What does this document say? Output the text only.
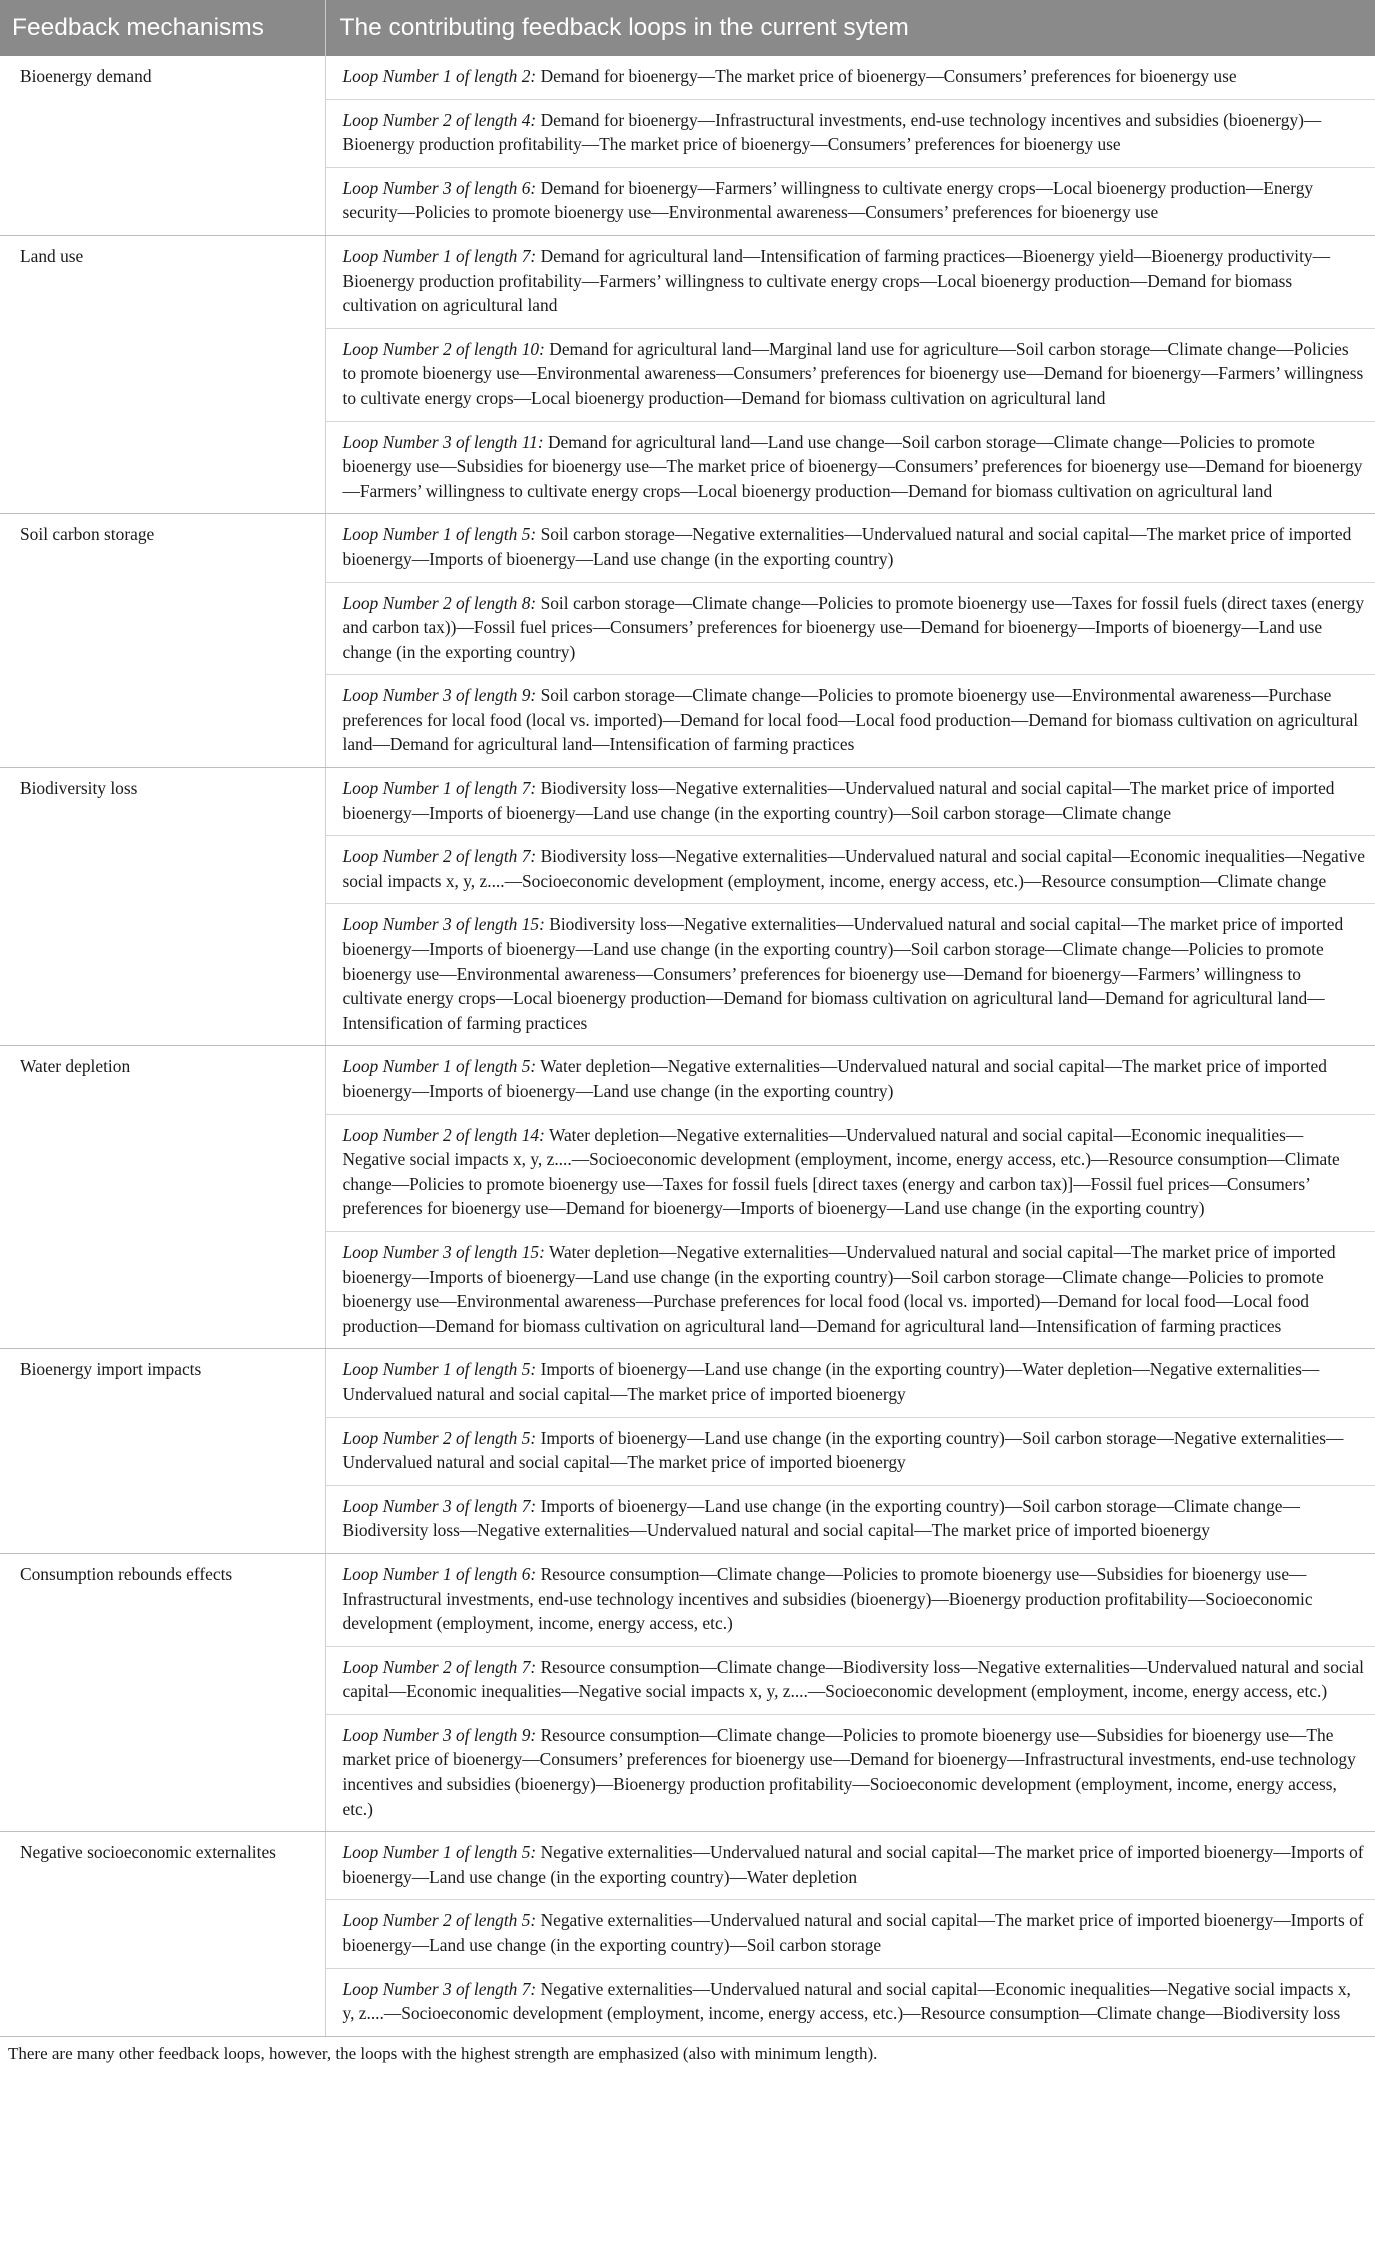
Feedback mechanisms	The contributing feedback loops in the current sytem
Bioenergy demand	Loop Number 1 of length 2: Demand for bioenergy—The market price of bioenergy—Consumers’ preferences for bioenergy use
Loop Number 2 of length 4: Demand for bioenergy—Infrastructural investments, end-use technology incentives and subsidies (bioenergy)—Bioenergy production profitability—The market price of bioenergy—Consumers’ preferences for bioenergy use
Loop Number 3 of length 6: Demand for bioenergy—Farmers’ willingness to cultivate energy crops—Local bioenergy production—Energy security—Policies to promote bioenergy use—Environmental awareness—Consumers’ preferences for bioenergy use

Land use	Loop Number 1 of length 7: Demand for agricultural land—Intensification of farming practices—Bioenergy yield—Bioenergy productivity—Bioenergy production profitability—Farmers’ willingness to cultivate energy crops—Local bioenergy production—Demand for biomass cultivation on agricultural land
Loop Number 2 of length 10: Demand for agricultural land—Marginal land use for agriculture—Soil carbon storage—Climate change—Policies to promote bioenergy use—Environmental awareness—Consumers’ preferences for bioenergy use—Demand for bioenergy—Farmers’ willingness to cultivate energy crops—Local bioenergy production—Demand for biomass cultivation on agricultural land
Loop Number 3 of length 11: Demand for agricultural land—Land use change—Soil carbon storage—Climate change—Policies to promote bioenergy use—Subsidies for bioenergy use—The market price of bioenergy—Consumers’ preferences for bioenergy use—Demand for bioenergy—Farmers’ willingness to cultivate energy crops—Local bioenergy production—Demand for biomass cultivation on agricultural land

Soil carbon storage	Loop Number 1 of length 5: Soil carbon storage—Negative externalities—Undervalued natural and social capital—The market price of imported bioenergy—Imports of bioenergy—Land use change (in the exporting country)
Loop Number 2 of length 8: Soil carbon storage—Climate change—Policies to promote bioenergy use—Taxes for fossil fuels (direct taxes (energy and carbon tax))—Fossil fuel prices—Consumers’ preferences for bioenergy use—Demand for bioenergy—Imports of bioenergy—Land use change (in the exporting country)
Loop Number 3 of length 9: Soil carbon storage—Climate change—Policies to promote bioenergy use—Environmental awareness—Purchase preferences for local food (local vs. imported)—Demand for local food—Local food production—Demand for biomass cultivation on agricultural land—Demand for agricultural land—Intensification of farming practices

Biodiversity loss	Loop Number 1 of length 7: Biodiversity loss—Negative externalities—Undervalued natural and social capital—The market price of imported bioenergy—Imports of bioenergy—Land use change (in the exporting country)—Soil carbon storage—Climate change
Loop Number 2 of length 7: Biodiversity loss—Negative externalities—Undervalued natural and social capital—Economic inequalities—Negative social impacts x, y, z....—Socioeconomic development (employment, income, energy access, etc.)—Resource consumption—Climate change
Loop Number 3 of length 15: Biodiversity loss—Negative externalities—Undervalued natural and social capital—The market price of imported bioenergy—Imports of bioenergy—Land use change (in the exporting country)—Soil carbon storage—Climate change—Policies to promote bioenergy use—Environmental awareness—Consumers’ preferences for bioenergy use—Demand for bioenergy—Farmers’ willingness to cultivate energy crops—Local bioenergy production—Demand for biomass cultivation on agricultural land—Demand for agricultural land—Intensification of farming practices

Water depletion	Loop Number 1 of length 5: Water depletion—Negative externalities—Undervalued natural and social capital—The market price of imported bioenergy—Imports of bioenergy—Land use change (in the exporting country)
Loop Number 2 of length 14: Water depletion—Negative externalities—Undervalued natural and social capital—Economic inequalities—Negative social impacts x, y, z....—Socioeconomic development (employment, income, energy access, etc.)—Resource consumption—Climate change—Policies to promote bioenergy use—Taxes for fossil fuels [direct taxes (energy and carbon tax)]—Fossil fuel prices—Consumers’ preferences for bioenergy use—Demand for bioenergy—Imports of bioenergy—Land use change (in the exporting country)
Loop Number 3 of length 15: Water depletion—Negative externalities—Undervalued natural and social capital—The market price of imported bioenergy—Imports of bioenergy—Land use change (in the exporting country)—Soil carbon storage—Climate change—Policies to promote bioenergy use—Environmental awareness—Purchase preferences for local food (local vs. imported)—Demand for local food—Local food production—Demand for biomass cultivation on agricultural land—Demand for agricultural land—Intensification of farming practices

Bioenergy import impacts	Loop Number 1 of length 5: Imports of bioenergy—Land use change (in the exporting country)—Water depletion—Negative externalities—Undervalued natural and social capital—The market price of imported bioenergy
Loop Number 2 of length 5: Imports of bioenergy—Land use change (in the exporting country)—Soil carbon storage—Negative externalities—Undervalued natural and social capital—The market price of imported bioenergy
Loop Number 3 of length 7: Imports of bioenergy—Land use change (in the exporting country)—Soil carbon storage—Climate change—Biodiversity loss—Negative externalities—Undervalued natural and social capital—The market price of imported bioenergy

Consumption rebounds effects	Loop Number 1 of length 6: Resource consumption—Climate change—Policies to promote bioenergy use—Subsidies for bioenergy use—Infrastructural investments, end-use technology incentives and subsidies (bioenergy)—Bioenergy production profitability—Socioeconomic development (employment, income, energy access, etc.)
Loop Number 2 of length 7: Resource consumption—Climate change—Biodiversity loss—Negative externalities—Undervalued natural and social capital—Economic inequalities—Negative social impacts x, y, z....—Socioeconomic development (employment, income, energy access, etc.)
Loop Number 3 of length 9: Resource consumption—Climate change—Policies to promote bioenergy use—Subsidies for bioenergy use—The market price of bioenergy—Consumers’ preferences for bioenergy use—Demand for bioenergy—Infrastructural investments, end-use technology incentives and subsidies (bioenergy)—Bioenergy production profitability—Socioeconomic development (employment, income, energy access, etc.)

Negative socioeconomic externalites	Loop Number 1 of length 5: Negative externalities—Undervalued natural and social capital—The market price of imported bioenergy—Imports of bioenergy—Land use change (in the exporting country)—Water depletion
Loop Number 2 of length 5: Negative externalities—Undervalued natural and social capital—The market price of imported bioenergy—Imports of bioenergy—Land use change (in the exporting country)—Soil carbon storage
Loop Number 3 of length 7: Negative externalities—Undervalued natural and social capital—Economic inequalities—Negative social impacts x, y, z....—Socioeconomic development (employment, income, energy access, etc.)—Resource consumption—Climate change—Biodiversity loss
There are many other feedback loops, however, the loops with the highest strength are emphasized (also with minimum length).
